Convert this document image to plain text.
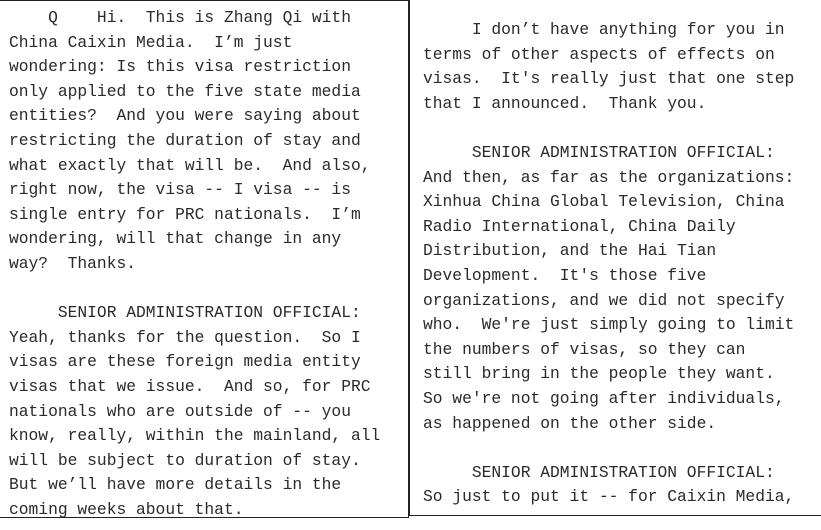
Q    Hi.  This is Zhang Qi with
China Caixin Media.  I’m just
wondering: Is this visa restriction
only applied to the five state media
entities?  And you were saying about
restricting the duration of stay and
what exactly that will be.  And also,
right now, the visa -- I visa -- is
single entry for PRC nationals.  I’m
wondering, will that change in any
way?  Thanks.
SENIOR ADMINISTRATION OFFICIAL:
Yeah, thanks for the question.  So I
visas are these foreign media entity
visas that we issue.  And so, for PRC
nationals who are outside of -- you
know, really, within the mainland, all
will be subject to duration of stay.
But we’ll have more details in the
coming weeks about that.
I don’t have anything for you in
terms of other aspects of effects on
visas.  It's really just that one step
that I announced.  Thank you.
SENIOR ADMINISTRATION OFFICIAL:
And then, as far as the organizations:
Xinhua China Global Television, China
Radio International, China Daily
Distribution, and the Hai Tian
Development.  It's those five
organizations, and we did not specify
who.  We're just simply going to limit
the numbers of visas, so they can
still bring in the people they want.
So we're not going after individuals,
as happened on the other side.
SENIOR ADMINISTRATION OFFICIAL:
So just to put it -- for Caixin Media,
